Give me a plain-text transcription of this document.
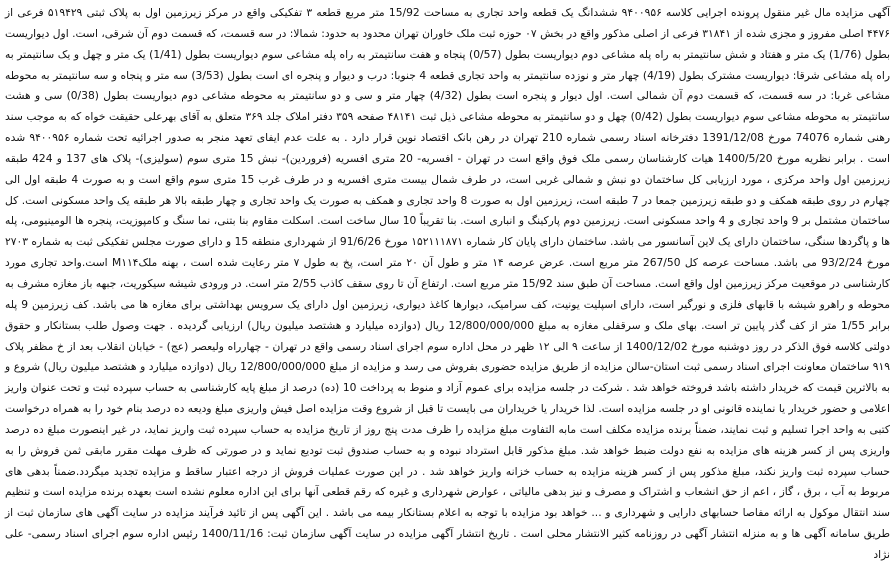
آگهی مزایده مال غیر منقول پرونده اجرایی کلاسه ۹۴۰۰۹۵۶ ششدانگ یک قطعه واحد تجاری به مساحت 15/92 متر مربع قطعه ۳ تفکیکی واقع در مرکز زیرزمین اول به پلاک ثبتی ۵۱۹۴۲۹ فرعی از ۴۴۷۶ اصلی مفروز و مجزی شده از ۳۱۸۴۱ فرعی از اصلی مذکور واقع در بخش ۰۷ حوزه ثبت ملک خاوران تهران محدود به حدود: شمالا: در سه قسمت، که قسمت دوم آن شرقی، است. اول دیواریست بطول (1/76) یک متر و هفتاد و شش سانتیمتر به راه پله مشاعی دوم دیواریست بطول (0/57) پنجاه و هفت سانتیمتر به راه پله مشاعی سوم دیواریست بطول (1/41) یک متر و چهل و یک سانتیمتر به راه پله مشاعی شرقا: دیواریست مشترک بطول (4/19) چهار متر و نوزده سانتیمتر به واحد تجاری قطعه 4 جنوبا: درب و دیوار و پنجره ای است بطول (3/53) سه متر و پنجاه و سه سانتیمتر به محوطه مشاعی غربا: در سه قسمت، که قسمت دوم آن شمالی است. اول دیوار و پنجره است بطول (4/32) چهار متر و سی و دو سانتیمتر به محوطه مشاعی دوم دیواریست بطول (0/38) سی و هشت سانتیمتر به محوطه مشاعی سوم دیواریست بطول (0/42) چهل و دو سانتیمتر به محوطه مشاعی ذیل ثبت ۴۸۱۴۱ صفحه ۳۵۹ دفتر املاک جلد ۳۶۹ متعلق به آقای بهرعلی حقیقت خواه که به موجب سند رهنی شماره 74076 مورخ 1391/12/08 دفترخانه اسناد رسمی شماره 210 تهران در رهن بانک اقتصاد نوین قرار دارد . به علت عدم ایفای تعهد منجر به صدور اجرائیه تحت شماره ۹۴۰۰۹۵۶ شده است . برابر نظریه مورخ 1400/5/20 هیات کارشناسان رسمی ملک فوق واقع است در تهران - افسریه- 20 متری افسریه (فروردین)- نبش 15 متری سوم (سولیزی)- پلاک های 137 و 424 طبقه زیرزمین اول واحد مرکزی ، مورد ارزیابی کل ساختمان دو نبش و شمالی غربی است، در طرف شمال بیست متری افسریه و در طرف غرب 15 متری سوم واقع است و به صورت 4 طبقه اول الی چهارم در روی طبقه همکف و دو طبقه زیرزمین جمعا در 7 طبقه است، زیرزمین اول به صورت 8 واحد تجاری و همکف به صورت یک واحد تجاری و چهار طبقه بالا هر طبقه یک واحد مسکونی است. کل ساختمان مشتمل بر 9 واحد تجاری و 4 واحد مسکونی است. زیرزمین دوم پارکینگ و انباری است. بنا تقریباً 10 سال ساخت است. اسکلت مقاوم بنا بتنی، نما سنگ و کامپوزیت، پنجره ها الومینیومی، پله ها و پاگردها سنگی، ساختمان دارای یک لاین آسانسور می باشد. ساختمان دارای پایان کار شماره ۱۵۲۱۱۱۸۷۱ مورخ 91/6/26 از شهرداری منطقه 15 و دارای صورت مجلس تفکیکی ثبت به شماره ۲۷۰۳ مورخ 93/2/24 می باشد. مساحت عرصه کل 267/50 متر مربع است. عرض عرصه ۱۴ متر و طول آن ۲۰ متر است، پخ به طول ۷ متر رعایت شده است ، بهنه ملکM۱۱۴ است.واحد تجاری مورد کارشناسی در موقعیت مرکز زیرزمین اول واقع است. مساحت آن طبق سند 15/92 متر مربع است. ارتفاع آن تا روی سقف کاذب 2/55 متر است. در ورودی شیشه سیکوریت، جبهه باز مغازه مشرف به محوطه و راهرو شیشه با قابهای فلزی و نورگیر است، دارای اسپلیت یونیت، کف سرامیک، دیوارها کاغذ دیواری، زیرزمین اول دارای یک سرویس بهداشتی برای مغازه ها می باشد. کف زیرزمین 9 پله برابر 1/55 متر از کف گذر پایین تر است. بهای ملک و سرقفلی مغازه به مبلغ 12/800/000/000 ریال (دوازده میلیارد و هشتصد میلیون ریال) ارزیابی گردیده . جهت وصول طلب بستانکار و حقوق دولتی کلاسه فوق الذکر در روز دوشنبه مورخ 1400/12/02 از ساعت ۹ الی ۱۲ ظهر در محل اداره سوم اجرای اسناد رسمی واقع در تهران - چهارراه ولیعصر (عج) - خیابان انقلاب بعد از خ مظفر پلاک ۹۱۹ ساختمان معاونت اجرای اسناد رسمی ثبت استان-سالن مزایده از طریق مزایده حضوری بفروش می رسد و مزایده از مبلغ 12/800/000/000 ریال (دوازده میلیارد و هشتصد میلیون ریال) شروع و به بالاترین قیمت که خریدار داشته باشد فروخته خواهد شد . شرکت در جلسه مزایده برای عموم آزاد و منوط به پرداخت 10 (ده) درصد از مبلغ پایه کارشناسی به حساب سپرده ثبت و تحت عنوان واریز اعلامی و حضور خریدار یا نماینده قانونی او در جلسه مزایده است. لذا خریدار یا خریداران می بایست تا قبل از شروع وقت مزایده اصل فیش واریزی مبلغ ودیعه ده درصد بنام خود را به همراه درخواست کتبی به واحد اجرا تسلیم و ثبت نمایند، ضمناً برنده مزایده مکلف است مابه التفاوت مبلغ مزایده را ظرف مدت پنج روز از تاریخ مزایده به حساب سپرده ثبت واریز نماید، در غیر اینصورت مبلغ ده درصد واریزی پس از کسر هزینه های مزایده به نفع دولت ضبط خواهد شد. مبلغ مذکور قابل استرداد نبوده و به حساب صندوق ثبت تودیع نماید و در صورتی که ظرف مهلت مقرر مابقی ثمن فروش را به حساب سپرده ثبت واریز نکند، مبلغ مذکور پس از کسر هزینه مزایده به حساب خزانه واریز خواهد شد . در این صورت عملیات فروش از درجه اعتبار ساقط و مزایده تجدید میگردد.ضمناً بدهی های مربوط به آب ، برق ، گاز ، اعم از حق انشعاب و اشتراک و مصرف و نیز بدهی مالیاتی ، عوارض شهرداری و غیره که رقم قطعی آنها برای این اداره معلوم نشده است بعهده برنده مزایده است و تنظیم سند انتقال موکول به ارائه مفاصا حسابهای دارایی و شهرداری و ... خواهد بود مزایده با توجه به اعلام بستانکار بیمه می باشد . این آگهی پس از تائید فرآیند مزایده در سایت آگهی های سازمان ثبت از طریق سامانه آگهی ها و به منزله انتشار آگهی در روزنامه کثیر الانتشار محلی است . تاریخ انتشار آگهی مزایده در سایت آگهی سازمان ثبت: 1400/11/16 رئیس اداره سوم اجرای اسناد رسمی- علی نژاد
